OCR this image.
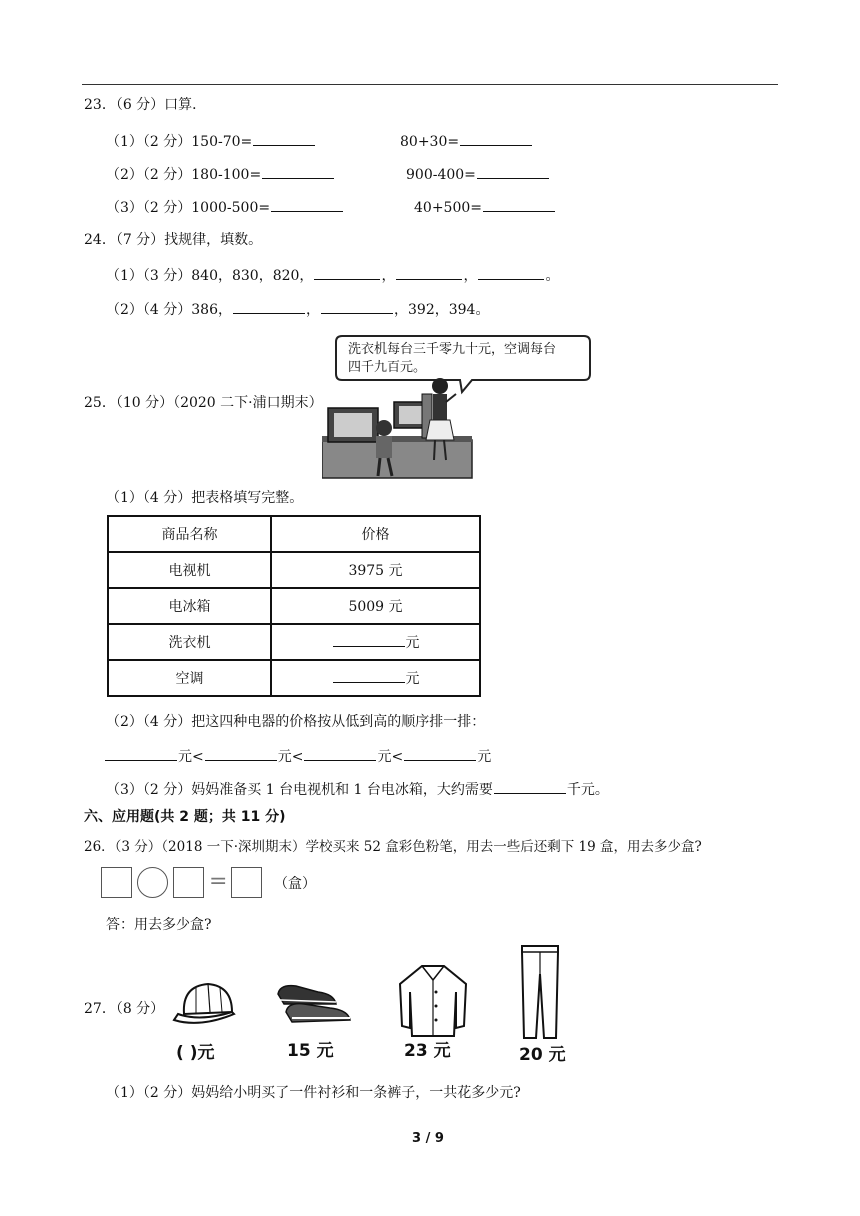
23．（6 分）口算．
（1）（2 分）150-70=	80+30=
（2）（2 分）180-100=	900-400=
（3）（2 分）1000-500=	40+500=
24．（7 分）找规律，填数。
（1）（3 分）840，830，820，	，	，	。
（2）（4 分）386，	，	，392，394。
洗衣机每台三千零九十元，空调每台
四千九百元。
25．（10 分）（2020 二下·浦口期末）
（1）（4 分）把表格填写完整。
商品名称	价格
电视机	3975 元
电冰箱	5009 元
洗衣机	元
空调	元
（2）（4 分）把这四种电器的价格按从低到高的顺序排一排：
元<	元<	元<	元
（3）（2 分）妈妈准备买 1 台电视机和 1 台电冰箱，大约需要	千元。
六、应用题(共 2 题；共 11 分)
26．（3 分）（2018 一下·深圳期末）学校买来 52 盒彩色粉笔，用去一些后还剩下 19 盒，用去多少盒?
=	（盒）
答：用去多少盒?
27．（8 分）
( )元	15 元	23 元	20 元
（1）（2 分）妈妈给小明买了一件衬衫和一条裤子，一共花多少元?
3 / 9
